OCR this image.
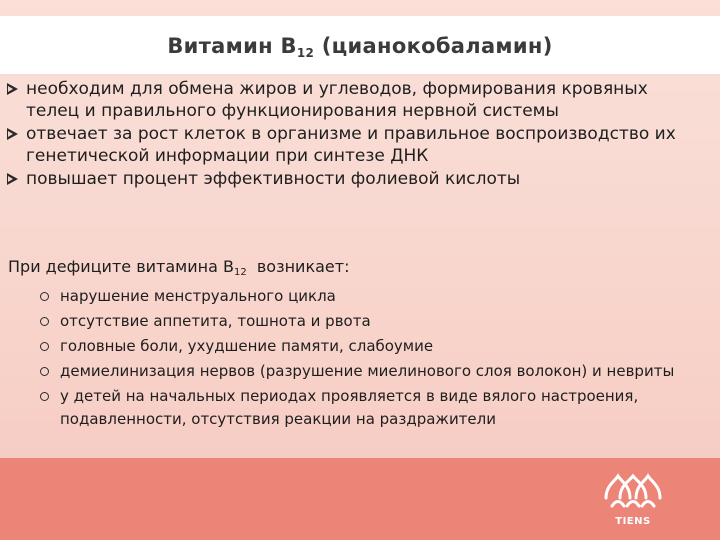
Витамин $В_{12}$ (цианокобаламин)
необходим для обмена жиров и углеводов, формирования кровяных телец и правильного функционирования нервной системы
отвечает за рост клеток в организме и правильное воспроизводство их генетической информации при синтезе ДНК
повышает процент эффективности фолиевой кислоты
При дефиците витамина $В_{12}$  возникает:
нарушение менструального цикла
отсутствие аппетита, тошнота и рвота
головные боли, ухудшение памяти, слабоумие
демиелинизация нервов (разрушение миелинового слоя волокон) и невриты
у детей на начальных периодах проявляется в виде вялого настроения, подавленности, отсутствия реакции на раздражители
TIENS
